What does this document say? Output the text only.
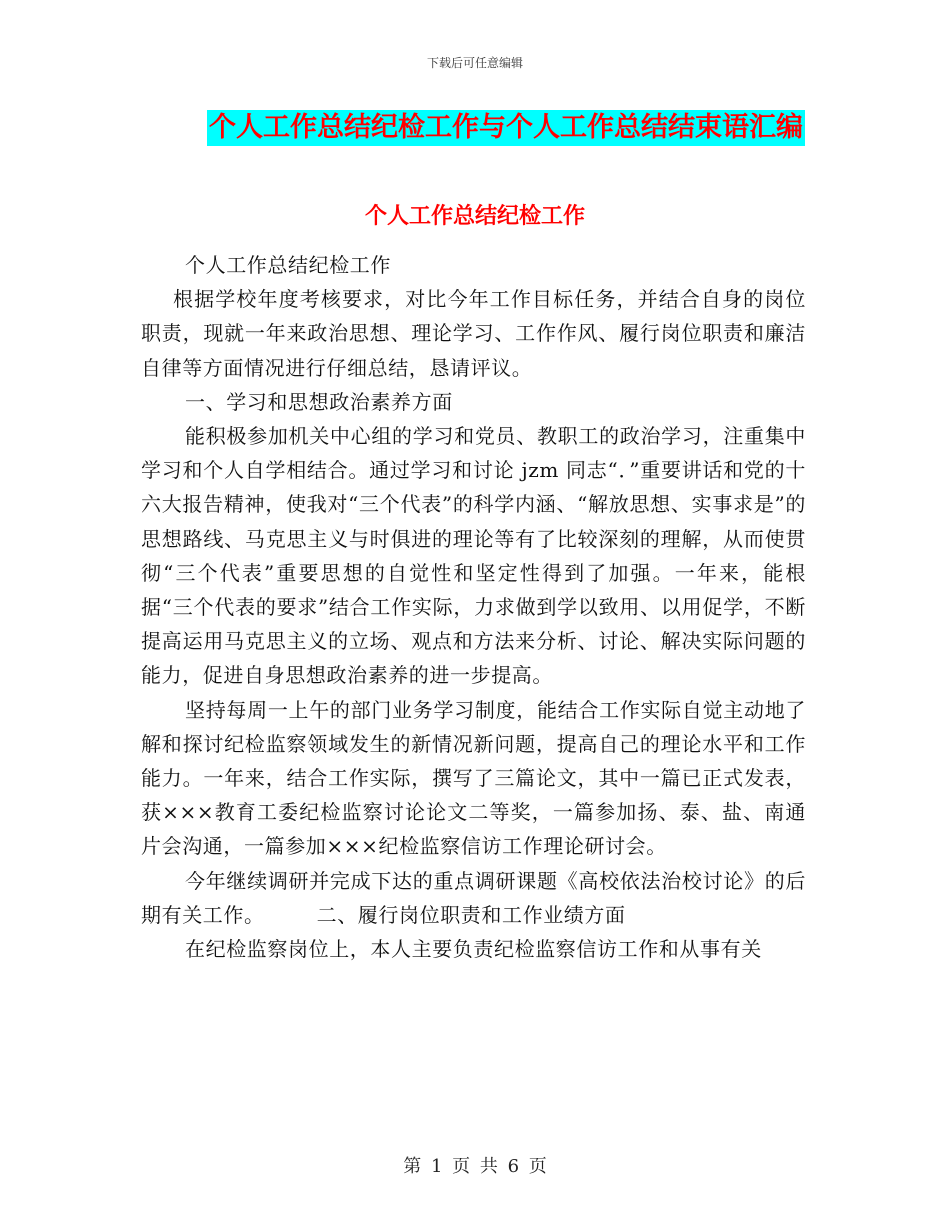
下载后可任意编辑
个人工作总结纪检工作与个人工作总结结束语汇编
个人工作总结纪检工作

个人工作总结纪检工作

根据学校年度考核要求，对比今年工作目标任务，并结合自身的岗位职责，现就一年来政治思想、理论学习、工作作风、履行岗位职责和廉洁自律等方面情况进行仔细总结，恳请评议。

一、学习和思想政治素养方面

能积极参加机关中心组的学习和党员、教职工的政治学习，注重集中学习和个人自学相结合。通过学习和讨论 jzm 同志“．”重要讲话和党的十六大报告精神，使我对“三个代表”的科学内涵、“解放思想、实事求是”的思想路线、马克思主义与时俱进的理论等有了比较深刻的理解，从而使贯彻“三个代表”重要思想的自觉性和坚定性得到了加强。一年来，能根据“三个代表的要求”结合工作实际，力求做到学以致用、以用促学，不断提高运用马克思主义的立场、观点和方法来分析、讨论、解决实际问题的能力，促进自身思想政治素养的进一步提高。

坚持每周一上午的部门业务学习制度，能结合工作实际自觉主动地了解和探讨纪检监察领域发生的新情况新问题，提高自己的理论水平和工作能力。一年来，结合工作实际，撰写了三篇论文，其中一篇已正式发表，获×××教育工委纪检监察讨论论文二等奖，一篇参加扬、泰、盐、南通片会沟通，一篇参加×××纪检监察信访工作理论研讨会。

今年继续调研并完成下达的重点调研课题《高校依法治校讨论》的后期有关工作。	二、履行岗位职责和工作业绩方面

在纪检监察岗位上，本人主要负责纪检监察信访工作和从事有关

第 1 页 共 6 页
